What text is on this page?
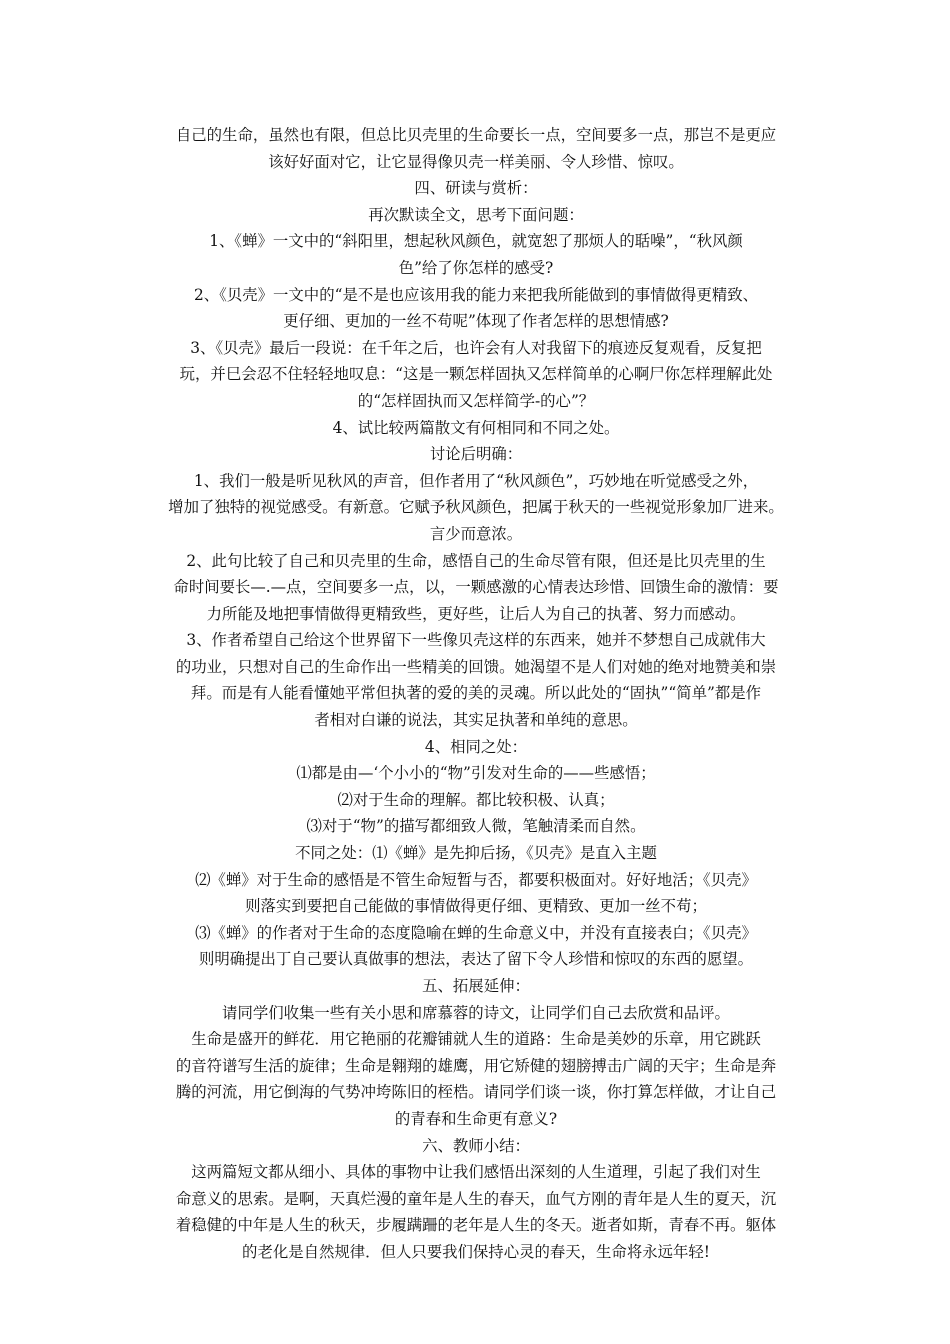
自己的生命，虽然也有限，但总比贝壳里的生命要长一点，空间要多一点，那岂不是更应

该好好面对它，让它显得像贝壳一样美丽、令人珍惜、惊叹。

四、研读与赏析：

再次默读全文，思考下面问题：

1、《蝉》一文中的“斜阳里，想起秋风颜色，就宽恕了那烦人的聒噪”，“秋风颜

色”给了你怎样的感受?

2、《贝壳》一文中的“是不是也应该用我的能力来把我所能做到的事情做得更精致、

更仔细、更加的一丝不苟呢”体现了作者怎样的思想情感?

3、《贝壳》最后一段说：在千年之后，也许会有人对我留下的痕迹反复观看，反复把

玩，并巳会忍不住轻轻地叹息：“这是一颗怎样固执又怎样简单的心啊尸你怎样理解此处

的“怎样固执而又怎样简学-的心”？

4、试比较两篇散文有何相同和不同之处。

讨论后明确：

1、我们一般是听见秋风的声音，但作者用了“秋风颜色”，巧妙地在听觉感受之外，

增加了独特的视觉感受。有新意。它赋予秋风颜色，把属于秋天的一些视觉形象加厂进来。

言少而意浓。

2、此句比较了自己和贝壳里的生命，感悟自己的生命尽管有限，但还是比贝壳里的生

命时间要长—.—点，空间要多一点，以，一颗感激的心情表达珍惜、回馈生命的激情：要

力所能及地把事情做得更精致些，更好些，让后人为自己的执著、努力而感动。

3、作者希望自己给这个世界留下一些像贝壳这样的东西来，她并不梦想自己成就伟大

的功业，只想对自己的生命作出一些精美的回馈。她渴望不是人们对她的绝对地赞美和崇

拜。而是有人能看懂她平常但执著的爱的美的灵魂。所以此处的“固执”“简单”都是作

者相对白谦的说法，其实足执著和单纯的意思。

4、相同之处：

⑴都是由—‘个小小的“物”引发对生命的——些感悟；

⑵对于生命的理解。都比较积极、认真；

⑶对于“物”的描写都细致人微，笔触清柔而自然。

不同之处：⑴《蝉》是先抑后扬，《贝壳》是直入主题

⑵《蝉》对于生命的感悟是不管生命短暂与否，都要积极面对。好好地活；《贝壳》

则落实到要把自己能做的事情做得更仔细、更精致、更加一丝不苟；

⑶《蝉》的作者对于生命的态度隐喻在蝉的生命意义中，并没有直接表白；《贝壳》

则明确提出丁自己要认真做事的想法，表达了留下令人珍惜和惊叹的东西的愿望。

五、拓展延伸：

请同学们收集一些有关小思和席慕蓉的诗文，让同学们自己去欣赏和品评。

生命是盛开的鲜花．用它艳丽的花瓣铺就人生的道路：生命是美妙的乐章，用它跳跃

的音符谱写生活的旋律；生命是翱翔的雄鹰，用它矫健的翅膀搏击广阔的天宇；生命是奔

腾的河流，用它倒海的气势冲垮陈旧的桎梏。请同学们谈一谈，你打算怎样做，才让自己

的青春和生命更有意义?

六、教师小结：

这两篇短文都从细小、具体的事物中让我们感悟出深刻的人生道理，引起了我们对生

命意义的思索。是啊，天真烂漫的童年是人生的春天，血气方刚的青年是人生的夏天，沉

着稳健的中年是人生的秋天，步履蹒跚的老年是人生的冬天。逝者如斯，青春不再。躯体

的老化是自然规律．但人只要我们保持心灵的春天，生命将永远年轻!
